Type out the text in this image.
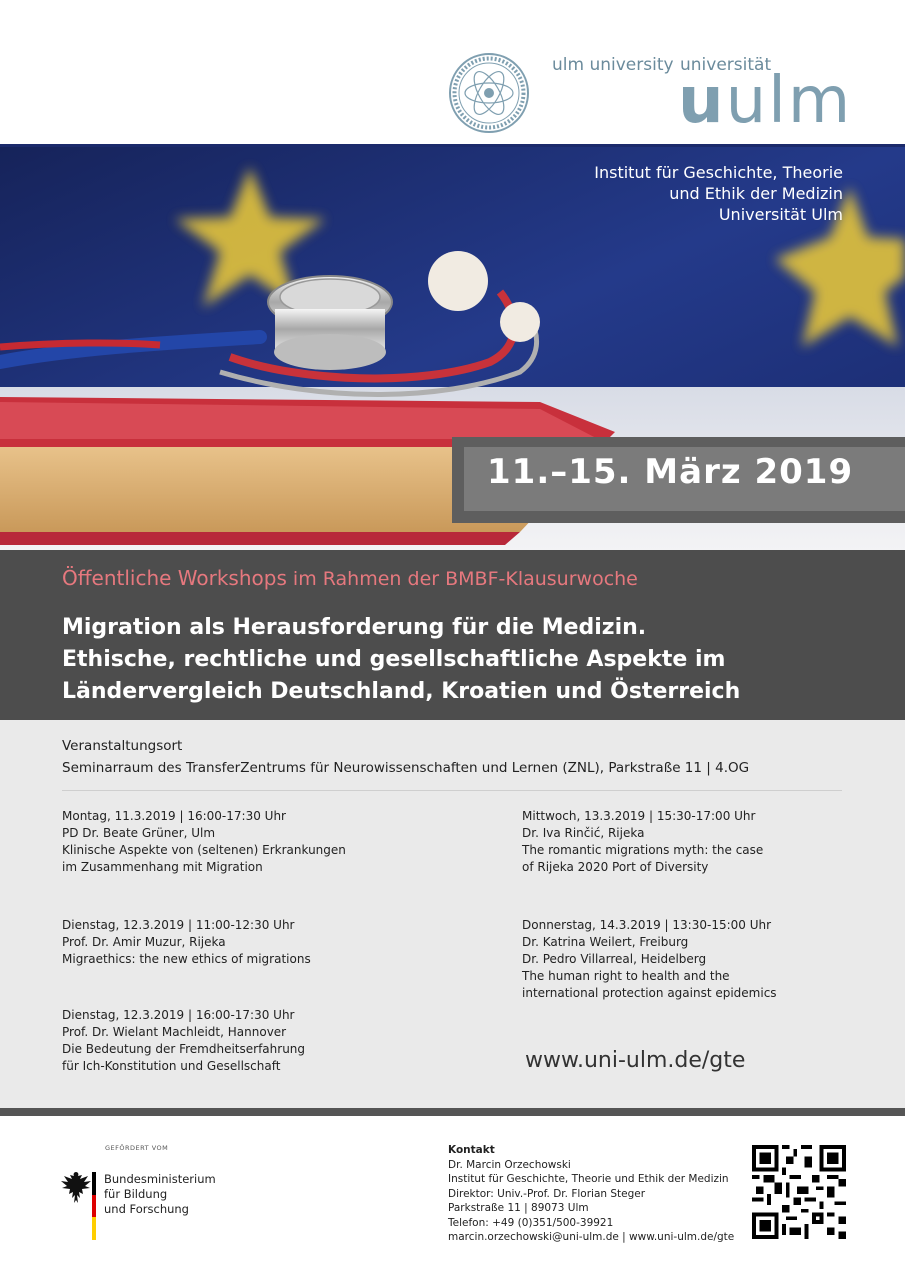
ulm university universität
uulm
Institut für Geschichte, Theorie
und Ethik der Medizin
Universität Ulm
11.–15. März 2019
Öffentliche Workshops im Rahmen der BMBF-Klausurwoche
Migration als Herausforderung für die Medizin.
Ethische, rechtliche und gesellschaftliche Aspekte im
Ländervergleich Deutschland, Kroatien und Österreich
Veranstaltungsort
Seminarraum des TransferZentrums für Neurowissenschaften und Lernen (ZNL), Parkstraße 11 | 4.OG
Montag, 11.3.2019 | 16:00-17:30 Uhr
PD Dr. Beate Grüner, Ulm
Klinische Aspekte von (seltenen) Erkrankungen
im Zusammenhang mit Migration
Dienstag, 12.3.2019 | 11:00-12:30 Uhr
Prof. Dr. Amir Muzur, Rijeka
Migraethics: the new ethics of migrations
Dienstag, 12.3.2019 | 16:00-17:30 Uhr
Prof. Dr. Wielant Machleidt, Hannover
Die Bedeutung der Fremdheitserfahrung
für Ich-Konstitution und Gesellschaft
Mittwoch, 13.3.2019 | 15:30-17:00 Uhr
Dr. Iva Rinčić, Rijeka
The romantic migrations myth: the case
of Rijeka 2020 Port of Diversity
Donnerstag, 14.3.2019 | 13:30-15:00 Uhr
Dr. Katrina Weilert, Freiburg
Dr. Pedro Villarreal, Heidelberg
The human right to health and the
international protection against epidemics
www.uni-ulm.de/gte
GEFÖRDERT VOM
Bundesministerium
für Bildung
und Forschung
Kontakt
Dr. Marcin Orzechowski
Institut für Geschichte, Theorie und Ethik der Medizin
Direktor: Univ.-Prof. Dr. Florian Steger
Parkstraße 11 | 89073 Ulm
Telefon: +49 (0)351/500-39921
marcin.orzechowski@uni-ulm.de | www.uni-ulm.de/gte
